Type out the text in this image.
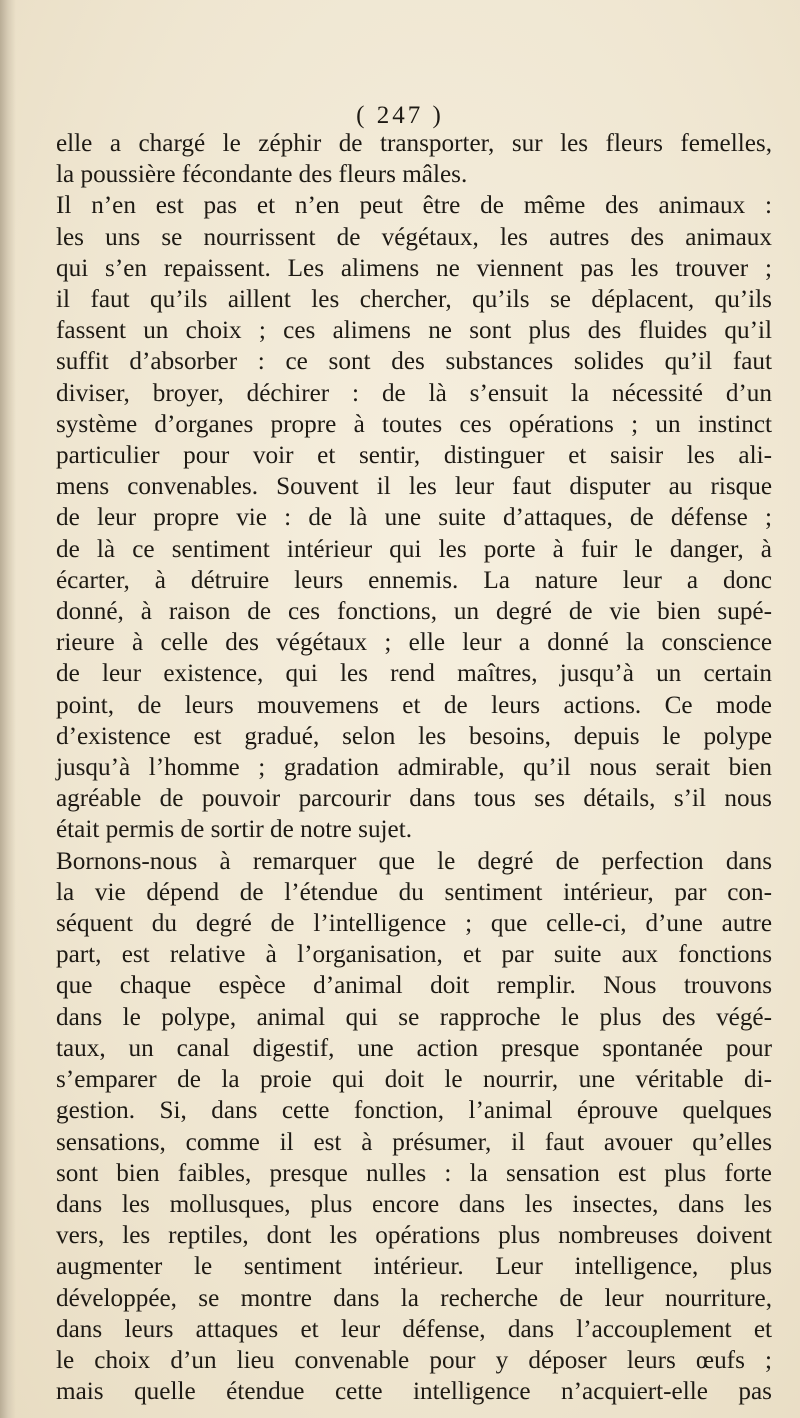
( 247 )

elle a chargé le zéphir de transporter, sur les fleurs femelles,

la poussière fécondante des fleurs mâles.

Il n’en est pas et n’en peut être de même des animaux :

les uns se nourrissent de végétaux, les autres des animaux

qui s’en repaissent. Les alimens ne viennent pas les trouver ;

il faut qu’ils aillent les chercher, qu’ils se déplacent, qu’ils

fassent un choix ; ces alimens ne sont plus des fluides qu’il

suffit d’absorber : ce sont des substances solides qu’il faut

diviser, broyer, déchirer : de là s’ensuit la nécessité d’un

système d’organes propre à toutes ces opérations ; un instinct

particulier pour voir et sentir, distinguer et saisir les ali-

mens convenables. Souvent il les leur faut disputer au risque

de leur propre vie : de là une suite d’attaques, de défense ;

de là ce sentiment intérieur qui les porte à fuir le danger, à

écarter, à détruire leurs ennemis. La nature leur a donc

donné, à raison de ces fonctions, un degré de vie bien supé-

rieure à celle des végétaux ; elle leur a donné la conscience

de leur existence, qui les rend maîtres, jusqu’à un certain

point, de leurs mouvemens et de leurs actions. Ce mode

d’existence est gradué, selon les besoins, depuis le polype

jusqu’à l’homme ; gradation admirable, qu’il nous serait bien

agréable de pouvoir parcourir dans tous ses détails, s’il nous

était permis de sortir de notre sujet.

Bornons-nous à remarquer que le degré de perfection dans

la vie dépend de l’étendue du sentiment intérieur, par con-

séquent du degré de l’intelligence ; que celle-ci, d’une autre

part, est relative à l’organisation, et par suite aux fonctions

que chaque espèce d’animal doit remplir. Nous trouvons

dans le polype, animal qui se rapproche le plus des végé-

taux, un canal digestif, une action presque spontanée pour

s’emparer de la proie qui doit le nourrir, une véritable di-

gestion. Si, dans cette fonction, l’animal éprouve quelques

sensations, comme il est à présumer, il faut avouer qu’elles

sont bien faibles, presque nulles : la sensation est plus forte

dans les mollusques, plus encore dans les insectes, dans les

vers, les reptiles, dont les opérations plus nombreuses doivent

augmenter le sentiment intérieur. Leur intelligence, plus

développée, se montre dans la recherche de leur nourriture,

dans leurs attaques et leur défense, dans l’accouplement et

le choix d’un lieu convenable pour y déposer leurs œufs ;

mais quelle étendue cette intelligence n’acquiert-elle pas
